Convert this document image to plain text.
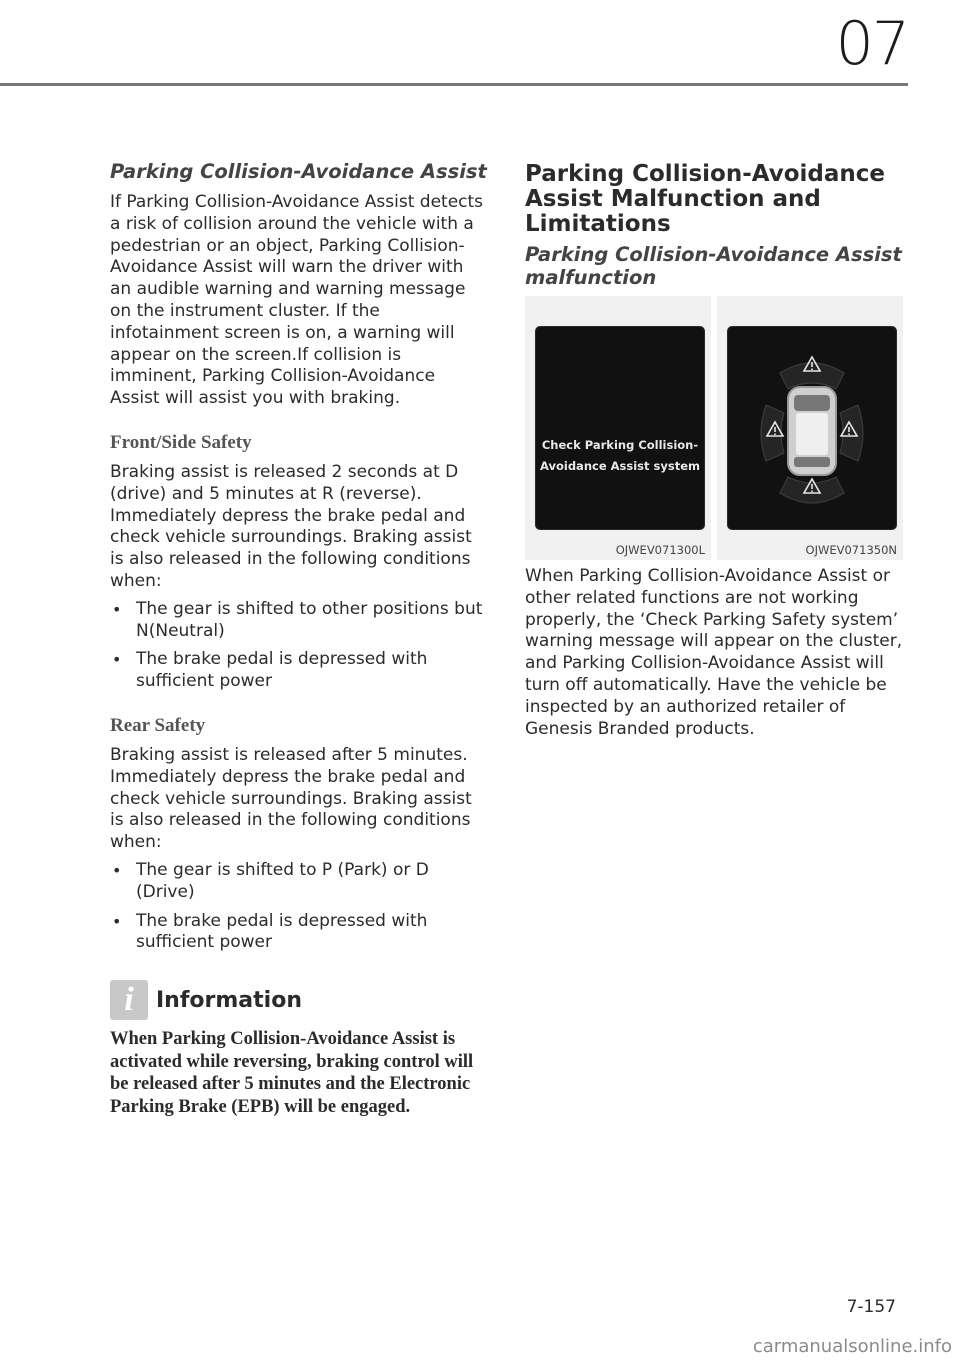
07
Parking Collision-Avoidance Assist

If Parking Collision-Avoidance Assist detects a risk of collision around the vehicle with a pedestrian or an object, Parking Collision-Avoidance Assist will warn the driver with an audible warning and warning message on the instrument cluster. If the infotainment screen is on, a warning will appear on the screen.If collision is imminent, Parking Collision-Avoidance Assist will assist you with braking.

Front/Side Safety

Braking assist is released 2 seconds at D (drive) and 5 minutes at R (reverse). Immediately depress the brake pedal and check vehicle surroundings. Braking assist is also released in the following conditions when:

• The gear is shifted to other positions but N(Neutral)
• The brake pedal is depressed with sufficient power
Rear Safety

Braking assist is released after 5 minutes. Immediately depress the brake pedal and check vehicle surroundings. Braking assist is also released in the following conditions when:

• The gear is shifted to P (Park) or D (Drive)
• The brake pedal is depressed with sufficient power
i	Information

When Parking Collision-Avoidance Assist is activated while reversing, braking control will be released after 5 minutes and the Electronic Parking Brake (EPB) will be engaged.

Parking Collision-Avoidance Assist Malfunction and Limitations
Parking Collision-Avoidance Assist malfunction
Check Parking Collision-
Avoidance Assist system
OJWEV071300L	OJWEV071350N

When Parking Collision-Avoidance Assist or other related functions are not working properly, the ‘Check Parking Safety system’ warning message will appear on the cluster, and Parking Collision-Avoidance Assist will turn off automatically. Have the vehicle be inspected by an authorized retailer of Genesis Branded products.

7-157
carmanualsonline.info
